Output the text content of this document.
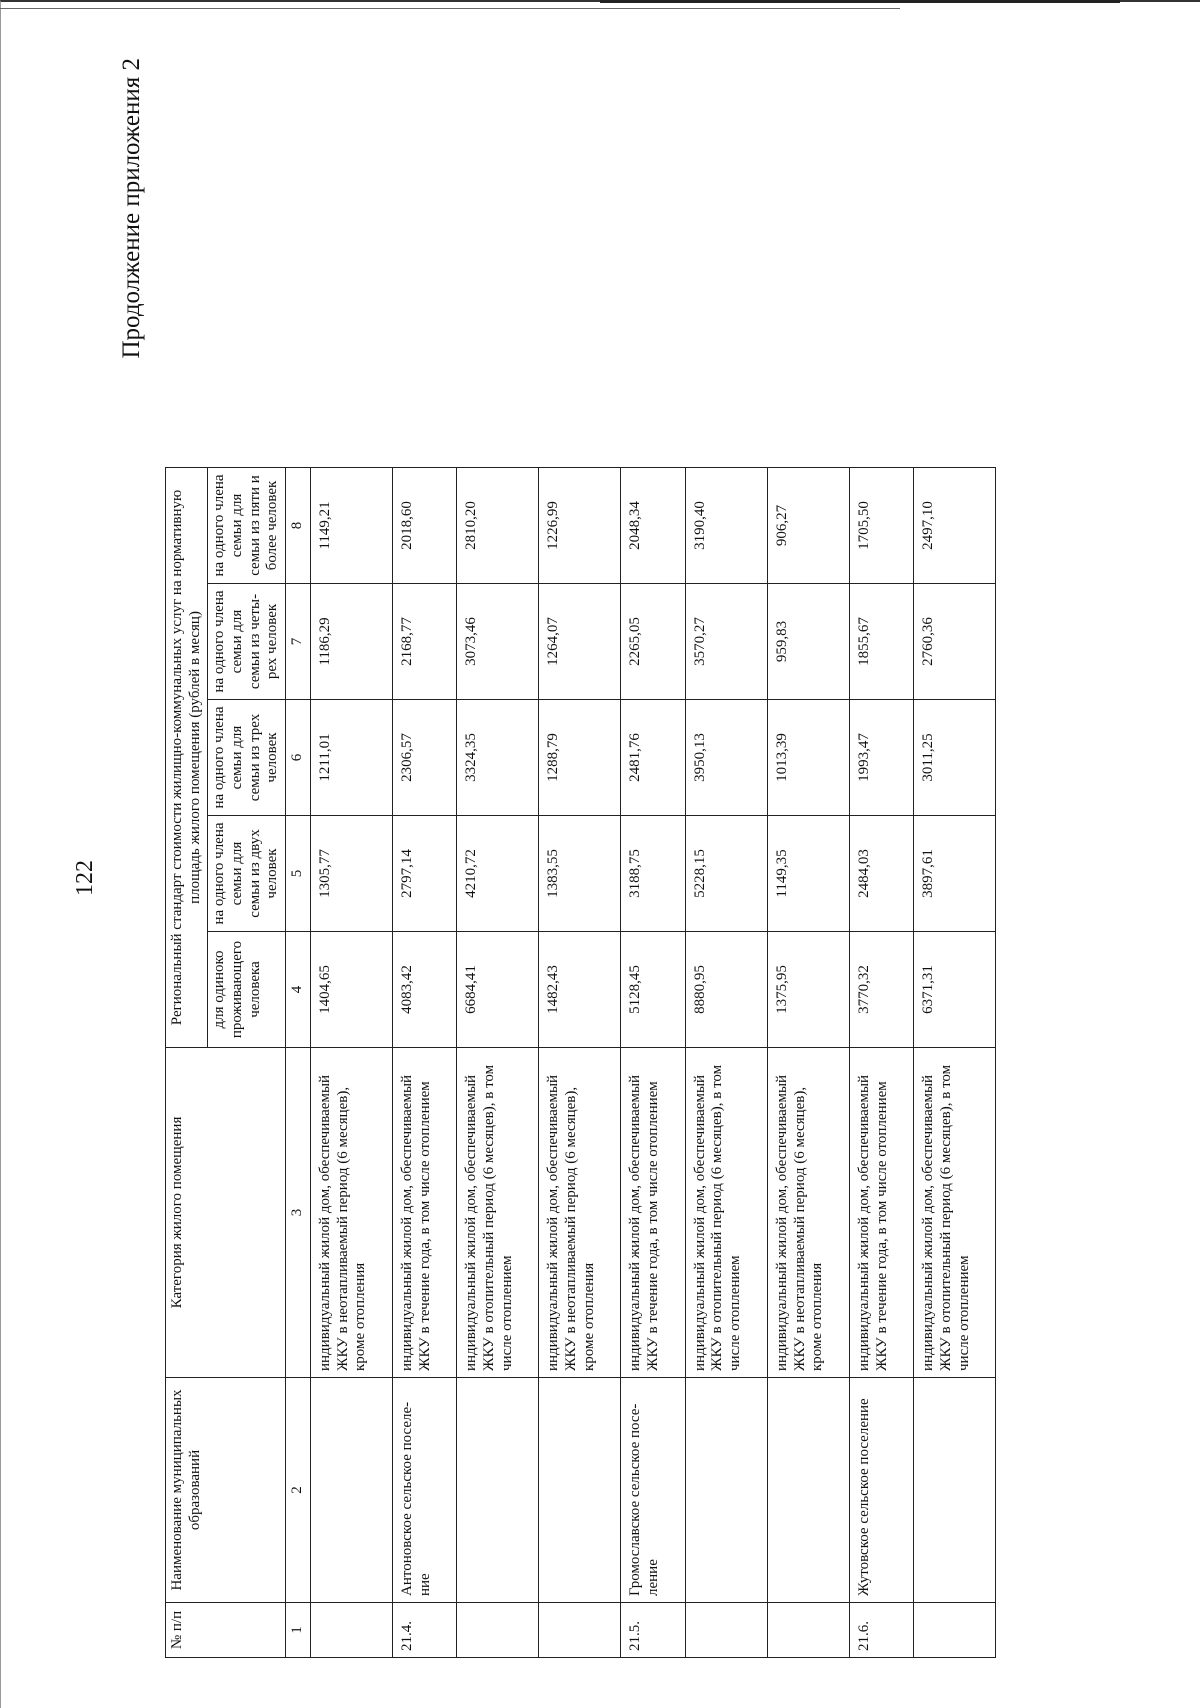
122
Продолжение приложения 2
№ п/п	Наименование муниципальных образований	Категория жилого помещения	Региональный стандарт стоимости жилищно-коммунальных услуг на нормативную площадь жилого помещения (рублей в месяц)				
			для одиноко проживающего человека	на одного члена семьи для семьи из двух человек	на одного члена семьи для семьи из трех человек	на одного члена семьи для семьи из четы-рех человек	на одного члена семьи для семьи из пяти и более человек
1	2	3	4	5	6	7	8
		индивидуальный жилой дом, обеспечиваемый ЖКУ в неотапливаемый период (6 месяцев), кроме отопления	1404,65	1305,77	1211,01	1186,29	1149,21
21.4.	Антоновское сельское поселе-ние	индивидуальный жилой дом, обеспечиваемый ЖКУ в течение года, в том числе отоплением	4083,42	2797,14	2306,57	2168,77	2018,60
		индивидуальный жилой дом, обеспечиваемый ЖКУ в отопительный период (6 месяцев), в том числе отоплением	6684,41	4210,72	3324,35	3073,46	2810,20
		индивидуальный жилой дом, обеспечиваемый ЖКУ в неотапливаемый период (6 месяцев), кроме отопления	1482,43	1383,55	1288,79	1264,07	1226,99
21.5.	Громославское сельское посе-ление	индивидуальный жилой дом, обеспечиваемый ЖКУ в течение года, в том числе отоплением	5128,45	3188,75	2481,76	2265,05	2048,34
		индивидуальный жилой дом, обеспечиваемый ЖКУ в отопительный период (6 месяцев), в том числе отоплением	8880,95	5228,15	3950,13	3570,27	3190,40
		индивидуальный жилой дом, обеспечиваемый ЖКУ в неотапливаемый период (6 месяцев), кроме отопления	1375,95	1149,35	1013,39	959,83	906,27
21.6.	Жутовское сельское поселение	индивидуальный жилой дом, обеспечиваемый ЖКУ в течение года, в том числе отоплением	3770,32	2484,03	1993,47	1855,67	1705,50
		индивидуальный жилой дом, обеспечиваемый ЖКУ в отопительный период (6 месяцев), в том числе отоплением	6371,31	3897,61	3011,25	2760,36	2497,10
